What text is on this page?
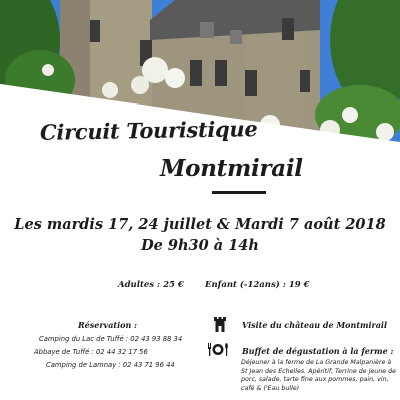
Circuit Touristique
Montmirail
Les mardis 17, 24 juillet & Mardi 7 août 2018
De 9h30 à 14h
Adultes : 25 € Enfant (-12ans) : 19 €
Réservation :
Camping du Lac de Tuffé : 02 43 93 88 34
Abbaye de Tuffé : 02 44 32 17 56
Camping de Lamnay : 02 43 71 96 44
Visite du château de Montmirail
Buffet de dégustation à la ferme :
Déjeuner à la ferme de La Grande Malpanière à St Jean des Echelles. Apéritif, Terrine de jeune de porc, salade, tarte fine aux pommes, pain, vin, café & ('Eau bulle)
